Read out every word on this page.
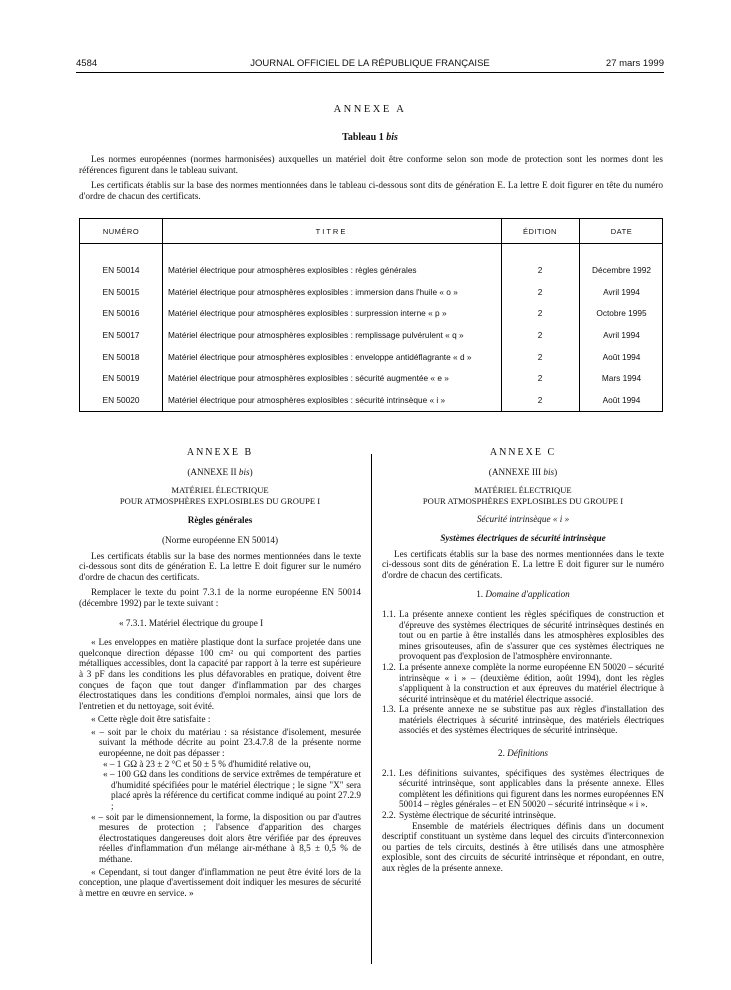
4584	JOURNAL OFFICIEL DE LA RÉPUBLIQUE FRANÇAISE	27 mars 1999
ANNEXE A
Tableau 1 bis
Les normes européennes (normes harmonisées) auxquelles un matériel doit être conforme selon son mode de protection sont les normes dont les références figurent dans le tableau suivant.
Les certificats établis sur la base des normes mentionnées dans le tableau ci-dessous sont dits de génération E. La lettre E doit figurer en tête du numéro d'ordre de chacun des certificats.
NUMÉRO	TITRE	ÉDITION	DATE
EN 50014	Matériel électrique pour atmosphères explosibles : règles générales	2	Décembre 1992
EN 50015	Matériel électrique pour atmosphères explosibles : immersion dans l'huile « o »	2	Avril 1994
EN 50016	Matériel électrique pour atmosphères explosibles : surpression interne « p »	2	Octobre 1995
EN 50017	Matériel électrique pour atmosphères explosibles : remplissage pulvérulent « q »	2	Avril 1994
EN 50018	Matériel électrique pour atmosphères explosibles : enveloppe antidéflagrante « d »	2	Août 1994
EN 50019	Matériel électrique pour atmosphères explosibles : sécurité augmentée « e »	2	Mars 1994
EN 50020	Matériel électrique pour atmosphères explosibles : sécurité intrinsèque « i »	2	Août 1994

ANNEXE B

(ANNEXE II bis)

MATÉRIEL ÉLECTRIQUE

POUR ATMOSPHÈRES EXPLOSIBLES DU GROUPE I

Règles générales

(Norme européenne EN 50014)

Les certificats établis sur la base des normes mentionnées dans le texte ci-dessous sont dits de génération E. La lettre E doit figurer sur le numéro d'ordre de chacun des certificats.

Remplacer le texte du point 7.3.1 de la norme européenne EN 50014 (décembre 1992) par le texte suivant :

« 7.3.1. Matériel électrique du groupe I

« Les enveloppes en matière plastique dont la surface projetée dans une quelconque direction dépasse 100 cm² ou qui comportent des parties métalliques accessibles, dont la capacité par rapport à la terre est supérieure à 3 pF dans les conditions les plus défavorables en pratique, doivent être conçues de façon que tout danger d'inflammation par des charges électrostatiques dans les conditions d'emploi normales, ainsi que lors de l'entretien et du nettoyage, soit évité.

« Cette règle doit être satisfaite :

« – soit par le choix du matériau : sa résistance d'isolement, mesurée suivant la méthode décrite au point 23.4.7.8 de la présente norme européenne, ne doit pas dépasser :

« – 1 GΩ à 23 ± 2 °C et 50 ± 5 % d'humidité relative ou,

« – 100 GΩ dans les conditions de service extrêmes de température et d'humidité spécifiées pour le matériel électrique ; le signe "X" sera placé après la référence du certificat comme indiqué au point 27.2.9 ;

« – soit par le dimensionnement, la forme, la disposition ou par d'autres mesures de protection ; l'absence d'apparition des charges électrostatiques dangereuses doit alors être vérifiée par des épreuves réelles d'inflammation d'un mélange air-méthane à 8,5 ± 0,5 % de méthane.

« Cependant, si tout danger d'inflammation ne peut être évité lors de la conception, une plaque d'avertissement doit indiquer les mesures de sécurité à mettre en œuvre en service. »

ANNEXE C

(ANNEXE III bis)

MATÉRIEL ÉLECTRIQUE

POUR ATMOSPHÈRES EXPLOSIBLES DU GROUPE I

Sécurité intrinsèque « i »

Systèmes électriques de sécurité intrinsèque

Les certificats établis sur la base des normes mentionnées dans le texte ci-dessous sont dits de génération E. La lettre E doit figurer sur le numéro d'ordre de chacun des certificats.

1. Domaine d'application

1.1. La présente annexe contient les règles spécifiques de construction et d'épreuve des systèmes électriques de sécurité intrinsèques destinés en tout ou en partie à être installés dans les atmosphères explosibles des mines grisouteuses, afin de s'assurer que ces systèmes électriques ne provoquent pas d'explosion de l'atmosphère environnante.
1.2. La présente annexe complète la norme européenne EN 50020 – sécurité intrinsèque « i » – (deuxième édition, août 1994), dont les règles s'appliquent à la construction et aux épreuves du matériel électrique à sécurité intrinsèque et du matériel électrique associé.
1.3. La présente annexe ne se substitue pas aux règles d'installation des matériels électriques à sécurité intrinsèque, des matériels électriques associés et des systèmes électriques de sécurité intrinsèque.

2. Définitions

2.1. Les définitions suivantes, spécifiques des systèmes électriques de sécurité intrinsèque, sont applicables dans la présente annexe. Elles complètent les définitions qui figurent dans les normes européennes EN 50014 – règles générales – et EN 50020 – sécurité intrinsèque « i ».
2.2. Système électrique de sécurité intrinsèque.

Ensemble de matériels électriques définis dans un document descriptif constituant un système dans lequel des circuits d'interconnexion ou parties de tels circuits, destinés à être utilisés dans une atmosphère explosible, sont des circuits de sécurité intrinsèque et répondant, en outre, aux règles de la présente annexe.
